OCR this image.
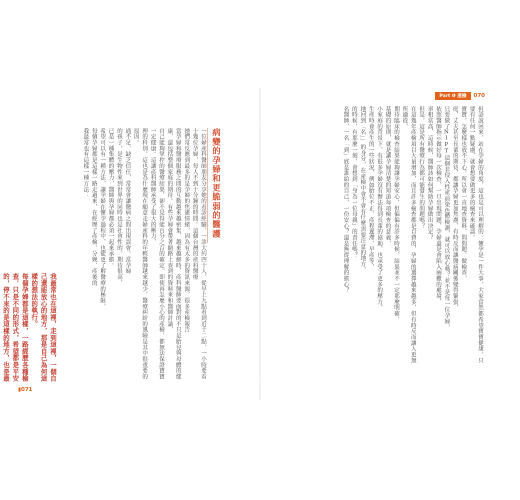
▮071

一位婦產科醫師朋友分享她的看診經驗，一診大約四十人，從早上九點看到近十二點，一小時要看十幾位孕婦，每人不到十分鐘的時間。這個台灣的產科醫療

她們常反應到最多的是孕婦的焦慮情緒，因為有太多的資訊來源，很多產檢報告

當孕婦和醫療服務之間的互動越來越密集、越來越細時，產科醫師要面對的不只是胎兒與母體的健康，還包括整個家庭的期待。有些孕婦會帶著網路上查到的資料來和醫師討論，

自己能夠掌控的醫療結果，卻不見得能百分之百的確定。即使再怎麼小心的產檢，都無法保證寶寶一定健康。這讓產科醫師承受了很大的壓力，

理的科別。這也是為什麼現在願意走婦產科的年輕醫師越來越少，醫療糾紛的風險是其中很重要的原因。

通不足、缺乏信任，常常會讓醫病之間出現誤會。當孕婦

的孩子，是生物性來到世界的同時也是社會性的。期待很高，

已是一種集體的壓力，醫師與孕婦都必須一起來承擔。

希望可以有一種方法，讓孕婦在懷孕過程中，也能更了解醫療的極限，

每個孕婦都是這樣一路走過來，在經歷了產檢、分娩、產後的

我最常也有這樣一種方法：

我最常也在這裡，走到這裡，一個自己還能放心的地方，那是自己為何這樣的想法的執行。

每個孕婦都是這樣，一路經歷各種檢查，只是不同的形式，希望都是平安的，停不來的是這樣的地方，也是最

病變的孕婦和更脆弱的醫護
Part ❶ 產檢	070

但話說回來，站在孕婦的角度，這也是可以理解的。懷孕是一件大事，大家當然都希望寶寶健康，只要有任何一點疑慮，就會想要做更多的檢查來確認。

寶寶，怎麼樣也放不下心，所以會一直地查資料、問問題、做檢查，

庭、丈夫甚至長輩的期待，都讓孕婦更加焦慮，有時反而讓醫病關係變得緊張，

只要做了NIPT這個非侵入性產前染色體檢測，就可以放心嗎？並不是每一位孕婦，

依照醫師指示做好每一次檢查，一旦出現問題，孕婦還是會陷入兩難的處境，

率相當高，這時候，醫師該如何幫助孕婦做出決定？

但是，這是所有醫療行為都可能發生的問題嗎？

在這幾年產檢項目大量增加，而且許多檢查都是自費的，孕婦的選擇越來越多，但有時反而讓人更無所適從，

期待臨床的檢查結果能夠讓孕婦安心，但偏偏有許多時候，結果並不一定那麼明確，

基礎的原則，就是讓孕婦清楚的知道每項檢查的意義，

小家庭的背景下，有很多孕婦沒有辦法得到長輩的協助，也承受了更多的壓力，

生產時會產生的一些狀況，例如胎位不正、產程遲滯、早產等，

地回到「名」」的身分，在產檢中會不會有什麼需要注意的地方，

的時候，有那麼一刻，會想到「身為一位母親」的責任嗎？

名醫師，一名「到」底是誰給的自己，一份安心？還是無從理解的擔心？
